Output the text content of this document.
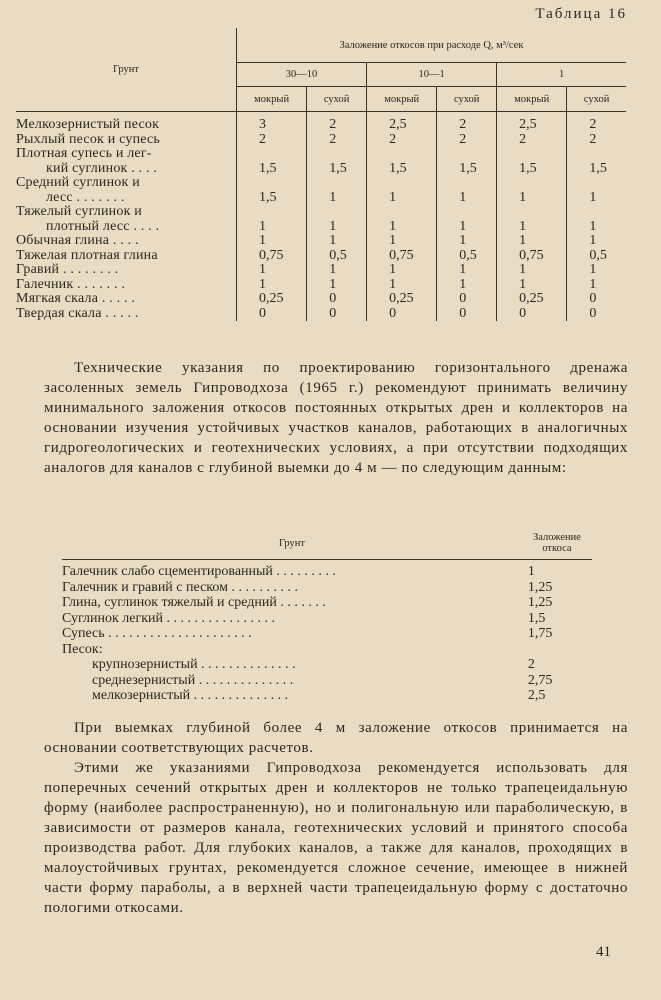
Таблица 16
Грунт	Заложение откосов при расходе Q, м³/сек					
	30—10		10—1		1	
	мокрый	сухой	мокрый	сухой	мокрый	сухой
Мелкозернистый песок	3	2	2,5	2	2,5	2
Рыхлый песок и супесь	2	2	2	2	2	2
Плотная супесь и лег-						
кий суглинок . . . .	1,5	1,5	1,5	1,5	1,5	1,5
Средний суглинок и						
лесс . . . . . . .	1,5	1	1	1	1	1
Тяжелый суглинок и						
плотный лесс . . . .	1	1	1	1	1	1
Обычная глина . . . .	1	1	1	1	1	1
Тяжелая плотная глина	0,75	0,5	0,75	0,5	0,75	0,5
Гравий . . . . . . . .	1	1	1	1	1	1
Галечник . . . . . . .	1	1	1	1	1	1
Мягкая скала . . . . .	0,25	0	0,25	0	0,25	0
Твердая скала . . . . .	0	0	0	0	0	0

Технические указания по проектированию горизонтального дренажа засоленных земель Гипроводхоза (1965 г.) рекомендуют принимать величину минимального заложения откосов постоянных открытых дрен и коллекторов на основании изучения устойчивых участков каналов, работающих в аналогичных гидрогеологических и геотехнических условиях, а при отсутствии подходящих аналогов для каналов с глубиной выемки до 4 м — по следующим данным:

Грунт	Заложение откоса
Галечник слабо сцементированный . . . . . . . . .	1
Галечник и гравий с песком . . . . . . . . . .	1,25
Глина, суглинок тяжелый и средний . . . . . . .	1,25
Суглинок легкий . . . . . . . . . . . . . . . .	1,5
Супесь . . . . . . . . . . . . . . . . . . . . .	1,75
Песок:	
крупнозернистый . . . . . . . . . . . . . .	2
среднезернистый . . . . . . . . . . . . . .	2,75
мелкозернистый . . . . . . . . . . . . . .	2,5

При выемках глубиной более 4 м заложение откосов принимается на основании соответствующих расчетов.

Этими же указаниями Гипроводхоза рекомендуется использовать для поперечных сечений открытых дрен и коллекторов не только трапецеидальную форму (наиболее распространенную), но и полигональную или параболическую, в зависимости от размеров канала, геотехнических условий и принятого способа производства работ. Для глубоких каналов, а также для каналов, проходящих в малоустойчивых грунтах, рекомендуется сложное сечение, имеющее в нижней части форму параболы, а в верхней части трапецеидальную форму с достаточно пологими откосами.

41
